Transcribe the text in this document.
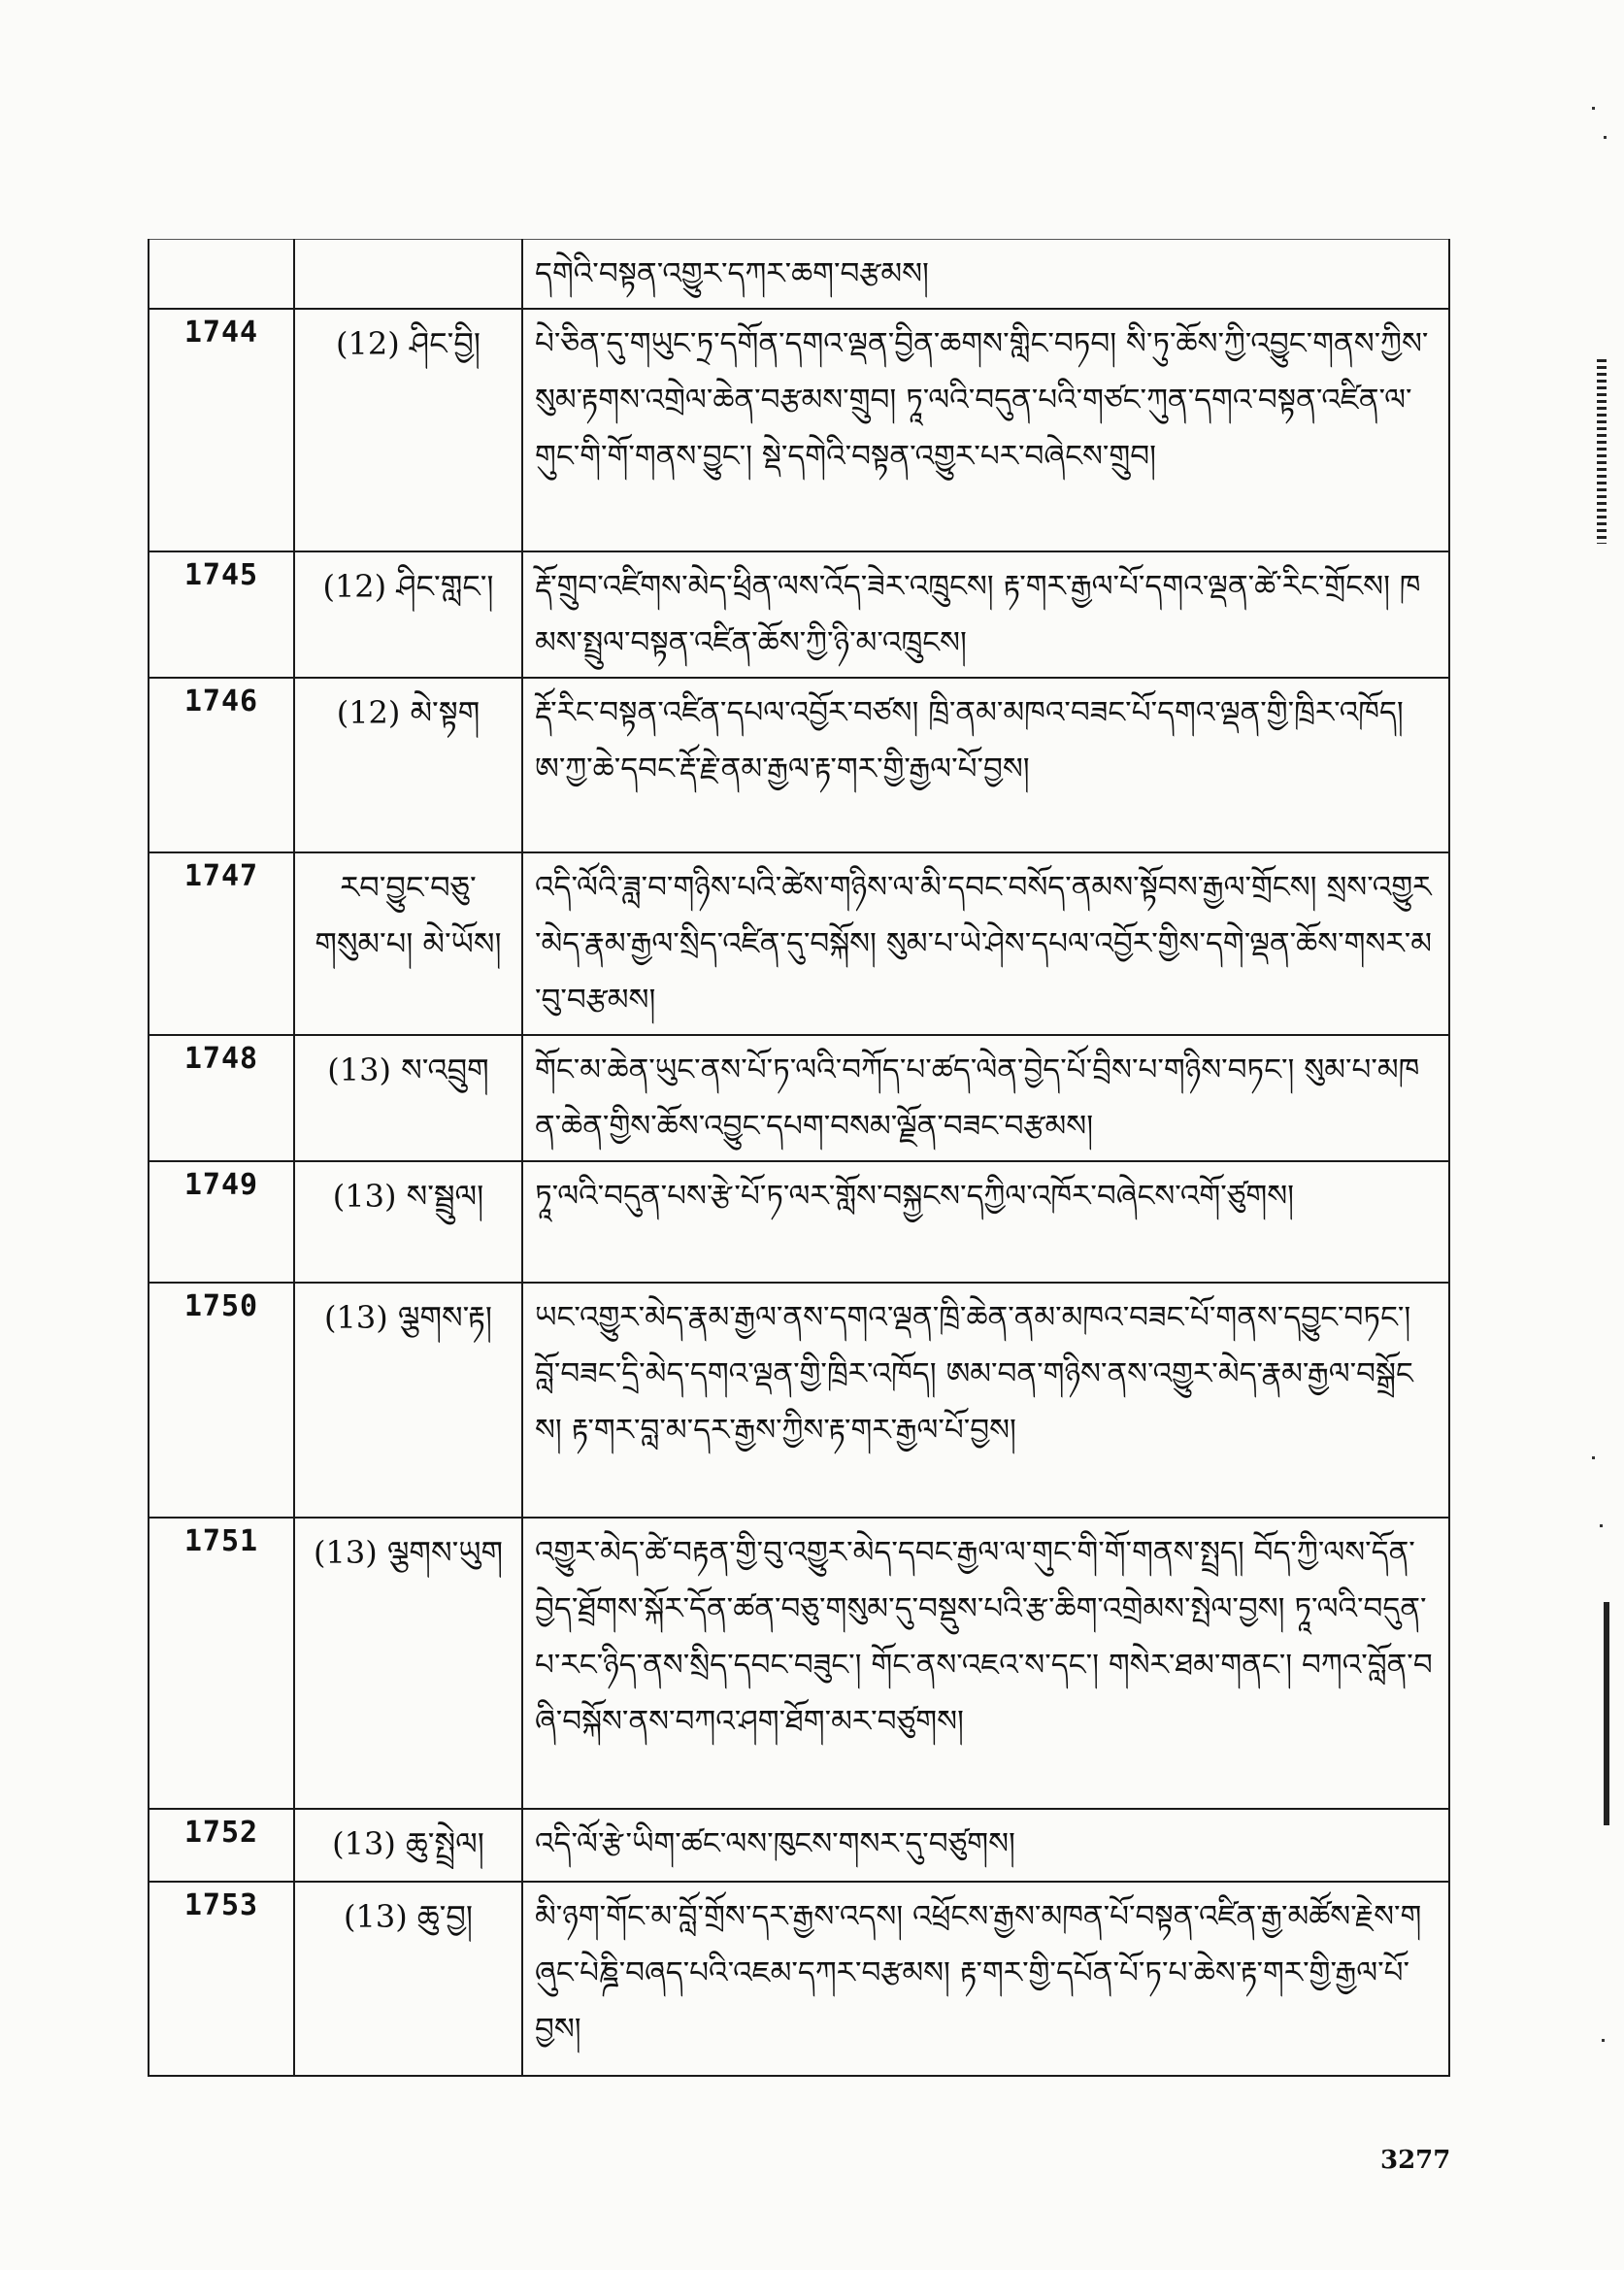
		དགེའི་བསྟན་འགྱུར་དཀར་ཆག་བརྩམས།
1744	(12) ཤིང་བྱི།	པེ་ཅིན་དུ་གཡུང་ཏྲ་དགོན་དགའ་ལྡན་བྱིན་ཆགས་གླིང་བཏབ། སི་ཏུ་ཆོས་ཀྱི་འབྱུང་གནས་ཀྱིས་སུམ་རྟགས་འགྲེལ་ཆེན་བརྩམས་གྲུབ། ཏཱ་ལའི་བདུན་པའི་གཙང་ཀུན་དགའ་བསྟན་འཛིན་ལ་གུང་གི་གོ་གནས་བྱུང་། སྡེ་དགེའི་བསྟན་འགྱུར་པར་བཞེངས་གྲུབ།
1745	(12) ཤིང་གླང་།	རྡོ་གྲུབ་འཛིགས་མེད་ཕྲིན་ལས་འོད་ཟེར་འཁྲུངས། རྟ་གར་རྒྱལ་པོ་དགའ་ལྡན་ཚེ་རིང་གྲོངས། ཁམས་སྤྲུལ་བསྟན་འཛིན་ཆོས་ཀྱི་ཉི་མ་འཁྲུངས།
1746	(12) མེ་སྟག	རྡོ་རིང་བསྟན་འཛིན་དཔལ་འབྱོར་བཙས། ཁྲི་ནམ་མཁའ་བཟང་པོ་དགའ་ལྡན་གྱི་ཁྲིར་འཁོད། ཨ་ཀྱ་ཆེ་དབང་རྡོ་རྗེ་ནམ་རྒྱལ་རྟ་གར་གྱི་རྒྱལ་པོ་བྱས།
1747	རབ་བྱུང་བཅུ་གསུམ་པ། མེ་ཡོས།	འདི་ལོའི་ཟླ་བ་གཉིས་པའི་ཚེས་གཉིས་ལ་མི་དབང་བསོད་ནམས་སྟོབས་རྒྱལ་གྲོངས། སྲས་འགྱུར་མེད་རྣམ་རྒྱལ་སྲིད་འཛིན་དུ་བསྐོས། སུམ་པ་ཡེ་ཤེས་དཔལ་འབྱོར་གྱིས་དགེ་ལྡན་ཆོས་གསར་མ་བུ་བརྩམས།
1748	(13) ས་འབྲུག	གོང་མ་ཆེན་ཡུང་ནས་པོ་ཏ་ལའི་བཀོད་པ་ཚད་ལེན་བྱེད་པོ་བྲིས་པ་གཉིས་བཏང་། སུམ་པ་མཁན་ཆེན་གྱིས་ཆོས་འབྱུང་དཔག་བསམ་ལྗོན་བཟང་བརྩམས།
1749	(13) ས་སྦྲུལ།	ཏཱ་ལའི་བདུན་པས་རྩེ་པོ་ཏ་ལར་གློས་བསྐྱངས་དཀྱིལ་འཁོར་བཞེངས་འགོ་ཙུགས།
1750	(13) ལྕགས་རྟ།	ཡང་འགྱུར་མེད་རྣམ་རྒྱལ་ནས་དགའ་ལྡན་ཁྲི་ཆེན་ནམ་མཁའ་བཟང་པོ་གནས་དབྱུང་བཏང་། བློ་བཟང་དྲི་མེད་དགའ་ལྡན་གྱི་ཁྲིར་འཁོད། ཨམ་བན་གཉིས་ནས་འགྱུར་མེད་རྣམ་རྒྱལ་བསྒྲོངས། རྟ་གར་བླ་མ་དར་རྒྱས་ཀྱིས་རྟ་གར་རྒྱལ་པོ་བྱས།
1751	(13) ལྕགས་ཡུག	འགྱུར་མེད་ཚེ་བརྟན་གྱི་བུ་འགྱུར་མེད་དབང་རྒྱལ་ལ་གུང་གི་གོ་གནས་སྤྲད། བོད་ཀྱི་ལས་དོན་བྱེད་ཐྲོགས་སྐོར་དོན་ཚན་བཅུ་གསུམ་དུ་བསྡུས་པའི་རྩ་ཆིག་འགྲེམས་སྤེལ་བྱས། ཏཱ་ལའི་བདུན་པ་རང་ཉིད་ནས་སྲིད་དབང་བཟུང་། གོང་ནས་འཇའ་ས་དང་། གསེར་ཐམ་གནང་། བཀའ་བློན་བཞི་བསྐོས་ནས་བཀའ་ཤག་ཐོག་མར་བཙུགས།
1752	(13) ཆུ་སྤྲེལ།	འདི་ལོ་རྩེ་ཡིག་ཚང་ལས་ཁུངས་གསར་དུ་བཙུགས།
1753	(13) ཆུ་བྱ།	མི་ཉག་གོང་མ་བློ་གྲོས་དར་རྒྱས་འདས། འཕྲོངས་རྒྱས་མཁན་པོ་བསྟན་འཛིན་རྒྱ་མཚོས་རྗེས་གཞུང་པེཎྜི་བཞད་པའི་འཇམ་དཀར་བརྩམས། རྟ་གར་གྱི་དཔོན་པོ་ཏ་པ་ཆེས་རྟ་གར་གྱི་རྒྱལ་པོ་བྱས།
3277
